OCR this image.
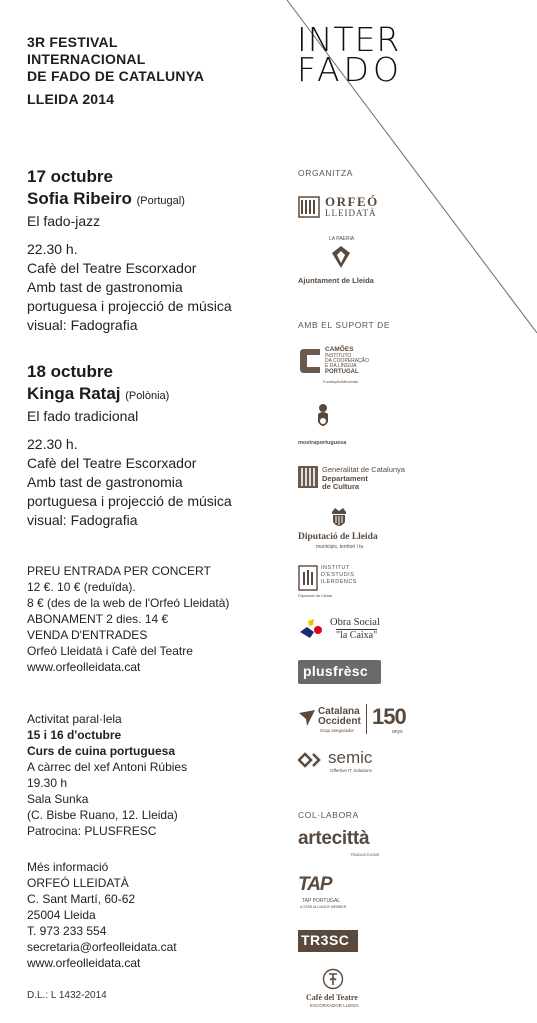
3R FESTIVAL
INTERNACIONAL
DE FADO DE CATALUNYA
LLEIDA 2014
INTER
FADO
17 octubre
Sofia Ribeiro (Portugal)
El fado-jazz
22.30 h.
Cafè del Teatre Escorxador
Amb tast de gastronomia
portuguesa i projecció de música
visual: Fadografia
18 octubre
Kinga Rataj (Polònia)
El fado tradicional
22.30 h.
Cafè del Teatre Escorxador
Amb tast de gastronomia
portuguesa i projecció de música
visual: Fadografia
PREU ENTRADA PER CONCERT
12 €. 10 € (reduïda).
8 € (des de la web de l'Orfeó Lleidatà)
ABONAMENT 2 dies. 14 €
VENDA D'ENTRADES
Orfeó Lleidatà i Cafè del Teatre
www.orfeolleidata.cat
Activitat paral·lela
15 i 16 d'octubre
Curs de cuina portuguesa
A càrrec del xef Antoni Rúbies
19.30 h
Sala Sunka
(C. Bisbe Ruano, 12. Lleida)
Patrocina: PLUSFRESC
Més informació
ORFEÓ LLEIDATÀ
C. Sant Martí, 60-62
25004 Lleida
T. 973 233 554
secretaria@orfeolleidata.cat
www.orfeolleidata.cat
D.L.: L 1432-2014
ORGANITZA
ORFEÓ
LLEIDATÀ
LA PAERIA
Ajuntament de Lleida
AMB EL SUPORT DE
CAMÕES
INSTITUTO
DA COOPERAÇÃO
E DA LÍNGUA
PORTUGAL
Fundação/Mecenas
mostraportuguesa
Generalitat de Catalunya
Departament
de Cultura
Diputació de Lleida
municipis, territori i tu
INSTITUT
D'ESTUDIS
ILERDENCS
Diputació de Lleida
Obra Social
"la Caixa"
plusfrèsc
Catalana
Occident
Grup asegurador
150
anys
semic
Offertive IT Solutions
COL·LABORA
artecittà
TRADUCCIONS
TAP
TAP PORTUGAL
A STAR ALLIANCE MEMBER
TR3SC
Cafè del Teatre
ESCORXADOR LLEIDA
